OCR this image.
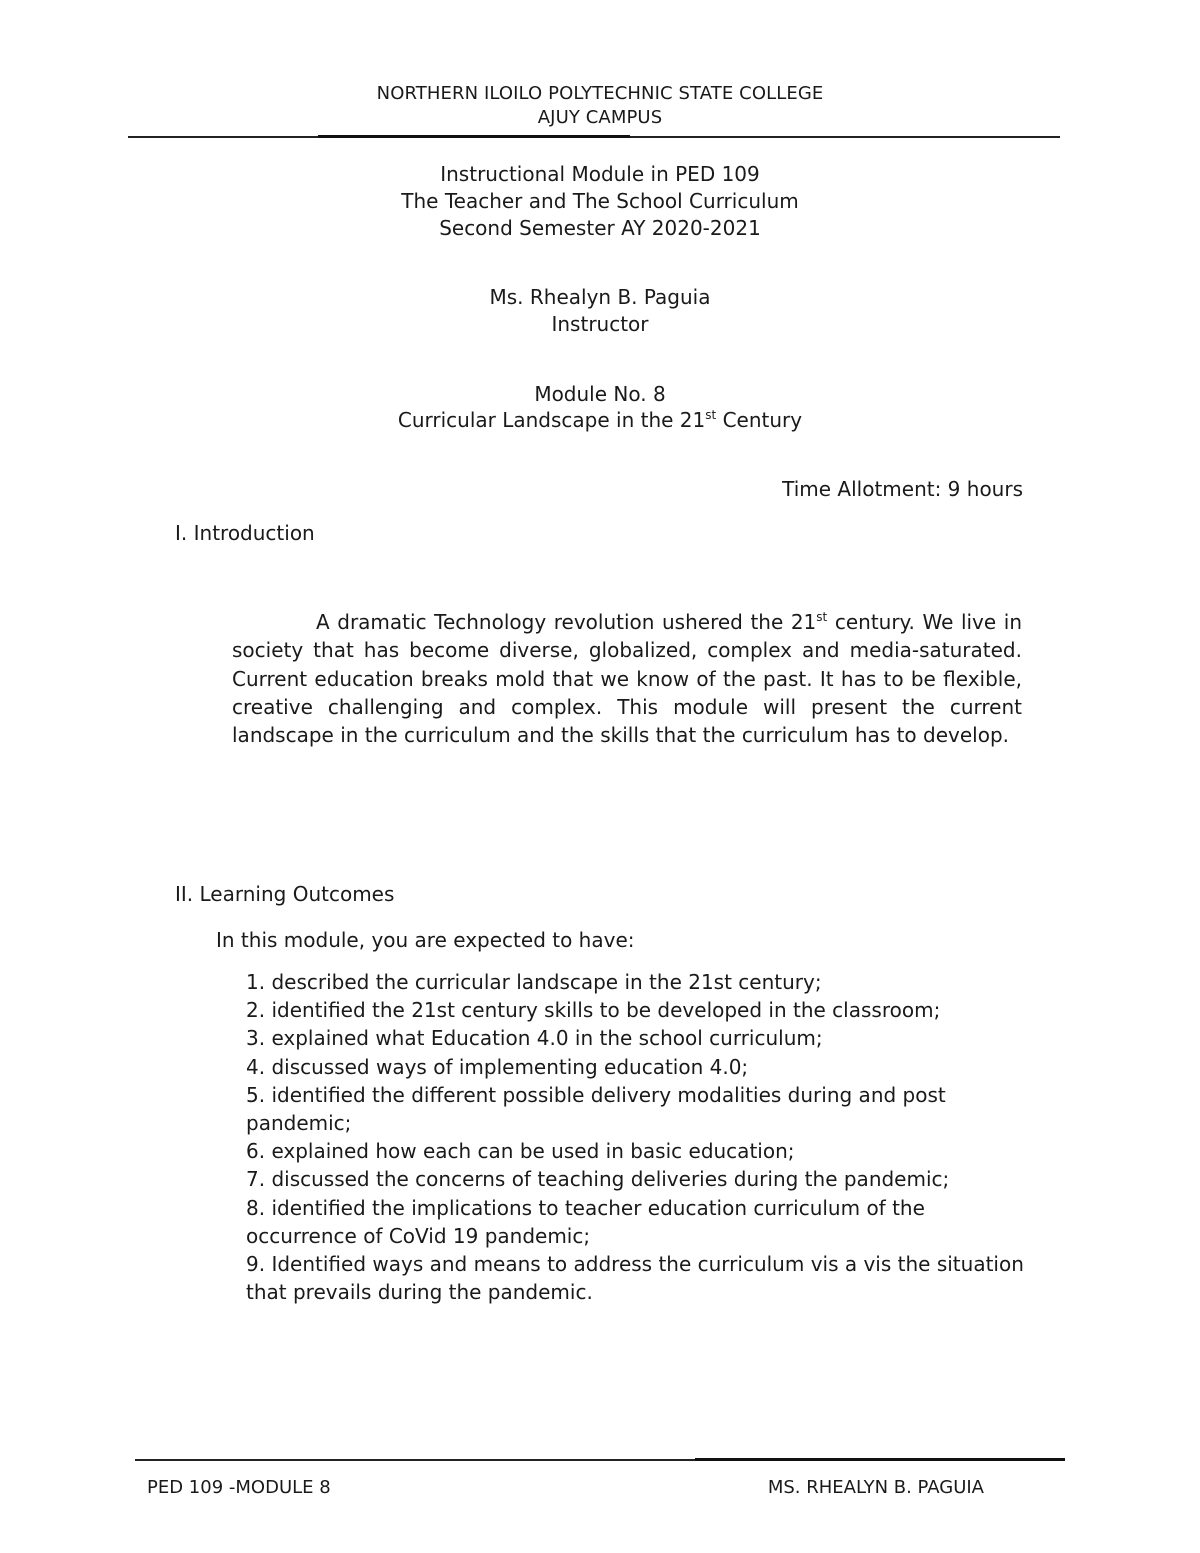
NORTHERN ILOILO POLYTECHNIC STATE COLLEGE
AJUY CAMPUS
Instructional Module in PED 109
The Teacher and The School Curriculum
Second Semester AY 2020-2021
Ms. Rhealyn B. Paguia
Instructor
Module No. 8
Curricular Landscape in the 21st Century
Time Allotment: 9 hours
I. Introduction

A dramatic Technology revolution ushered the 21st century. We live in society that has become diverse, globalized, complex and media-saturated. Current education breaks mold that we know of the past. It has to be flexible, creative challenging and complex. This module will present the current landscape in the curriculum and the skills that the curriculum has to develop.

II. Learning Outcomes
In this module, you are expected to have:
1. described the curricular landscape in the 21st century;
2. identified the 21st century skills to be developed in the classroom;
3. explained what Education 4.0 in the school curriculum;
4. discussed ways of implementing education 4.0;
5. identified the different possible delivery modalities during and post pandemic;
6. explained how each can be used in basic education;
7. discussed the concerns of teaching deliveries during the pandemic;
8. identified the implications to teacher education curriculum of the occurrence of CoVid 19 pandemic;
9. Identified ways and means to address the curriculum vis a vis the situation that prevails during the pandemic.
PED 109 -MODULE 8	MS. RHEALYN B. PAGUIA
